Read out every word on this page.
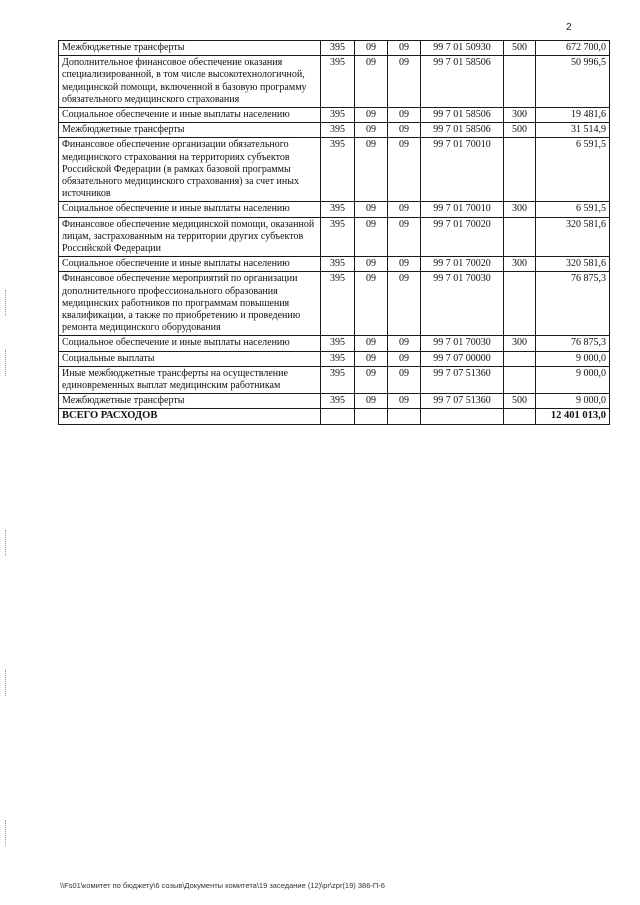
2
Межбюджетные трансферты	395	09	09	99 7 01 50930	500	672 700,0
Дополнительное финансовое обеспечение оказания специализированной, в том числе высокотехнологичной, медицинской помощи, включенной в базовую программу обязательного медицинского страхования	395	09	09	99 7 01 58506		50 996,5
Социальное обеспечение и иные выплаты населению	395	09	09	99 7 01 58506	300	19 481,6
Межбюджетные трансферты	395	09	09	99 7 01 58506	500	31 514,9
Финансовое обеспечение организации обязательного медицинского страхования на территориях субъектов Российской Федерации (в рамках базовой программы обязательного медицинского страхования) за счет иных источников	395	09	09	99 7 01 70010		6 591,5
Социальное обеспечение и иные выплаты населению	395	09	09	99 7 01 70010	300	6 591,5
Финансовое обеспечение медицинской помощи, оказанной лицам, застрахованным на территории других субъектов Российской Федерации	395	09	09	99 7 01 70020		320 581,6
Социальное обеспечение и иные выплаты населению	395	09	09	99 7 01 70020	300	320 581,6
Финансовое обеспечение мероприятий по организации дополнительного профессионального образования медицинских работников по программам повышения квалификации, а также по приобретению и проведению ремонта медицинского оборудования	395	09	09	99 7 01 70030		76 875,3
Социальное обеспечение и иные выплаты населению	395	09	09	99 7 01 70030	300	76 875,3
Социальные выплаты	395	09	09	99 7 07 00000		9 000,0
Иные межбюджетные трансферты на осуществление единовременных выплат медицинским работникам	395	09	09	99 7 07 51360		9 000,0
Межбюджетные трансферты	395	09	09	99 7 07 51360	500	9 000,0
ВСЕГО РАСХОДОВ						12 401 013,0
\\Fs01\комитет по бюджету\6 созыв\Документы комитета\19 заседание (12)\pr\zpr(19) 386-П-6
